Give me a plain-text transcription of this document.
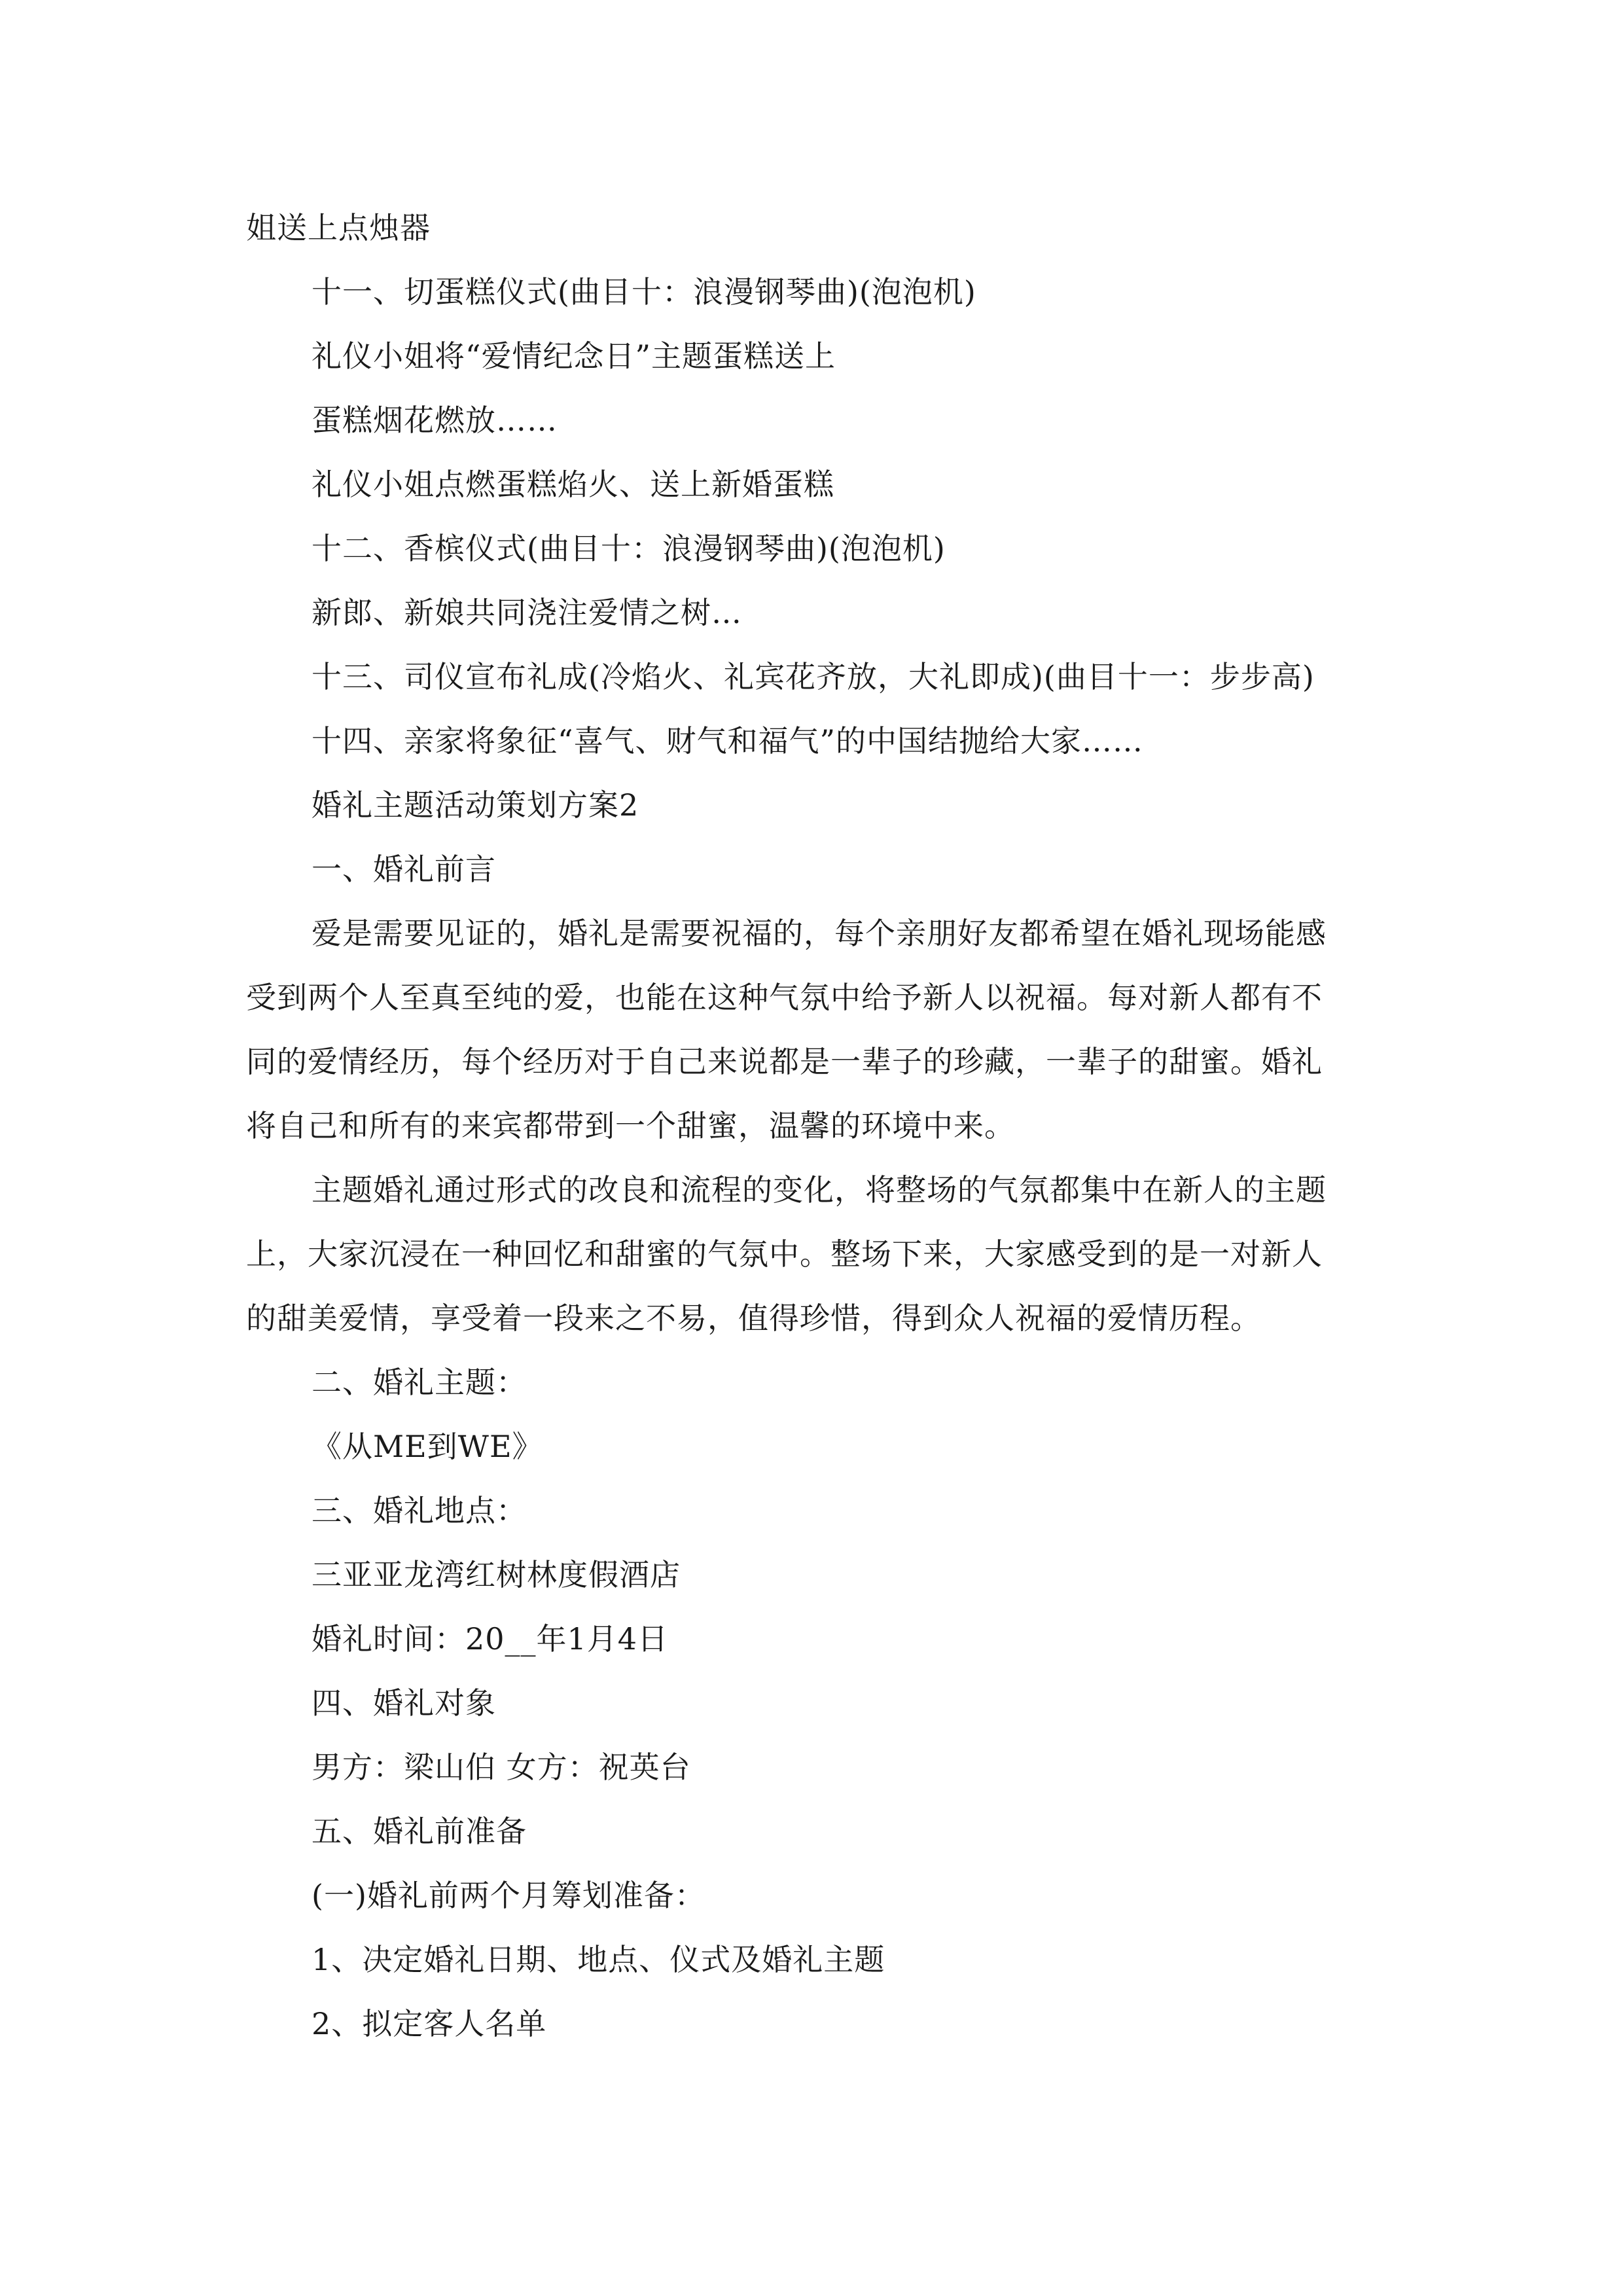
姐送上点烛器
十一、切蛋糕仪式(曲目十：浪漫钢琴曲)(泡泡机)
礼仪小姐将“爱情纪念日”主题蛋糕送上
蛋糕烟花燃放……
礼仪小姐点燃蛋糕焰火、送上新婚蛋糕
十二、香槟仪式(曲目十：浪漫钢琴曲)(泡泡机)
新郎、新娘共同浇注爱情之树…
十三、司仪宣布礼成(冷焰火、礼宾花齐放，大礼即成)(曲目十一：步步高)
十四、亲家将象征“喜气、财气和福气”的中国结抛给大家……
婚礼主题活动策划方案2
一、婚礼前言
爱是需要见证的，婚礼是需要祝福的，每个亲朋好友都希望在婚礼现场能感
受到两个人至真至纯的爱，也能在这种气氛中给予新人以祝福。每对新人都有不
同的爱情经历，每个经历对于自己来说都是一辈子的珍藏，一辈子的甜蜜。婚礼
将自己和所有的来宾都带到一个甜蜜，温馨的环境中来。
主题婚礼通过形式的改良和流程的变化，将整场的气氛都集中在新人的主题
上，大家沉浸在一种回忆和甜蜜的气氛中。整场下来，大家感受到的是一对新人
的甜美爱情，享受着一段来之不易，值得珍惜，得到众人祝福的爱情历程。
二、婚礼主题：
《从ME到WE》
三、婚礼地点：
三亚亚龙湾红树林度假酒店
婚礼时间：20__年1月4日
四、婚礼对象
男方：梁山伯 女方：祝英台
五、婚礼前准备
(一)婚礼前两个月筹划准备：
1、决定婚礼日期、地点、仪式及婚礼主题
2、拟定客人名单
